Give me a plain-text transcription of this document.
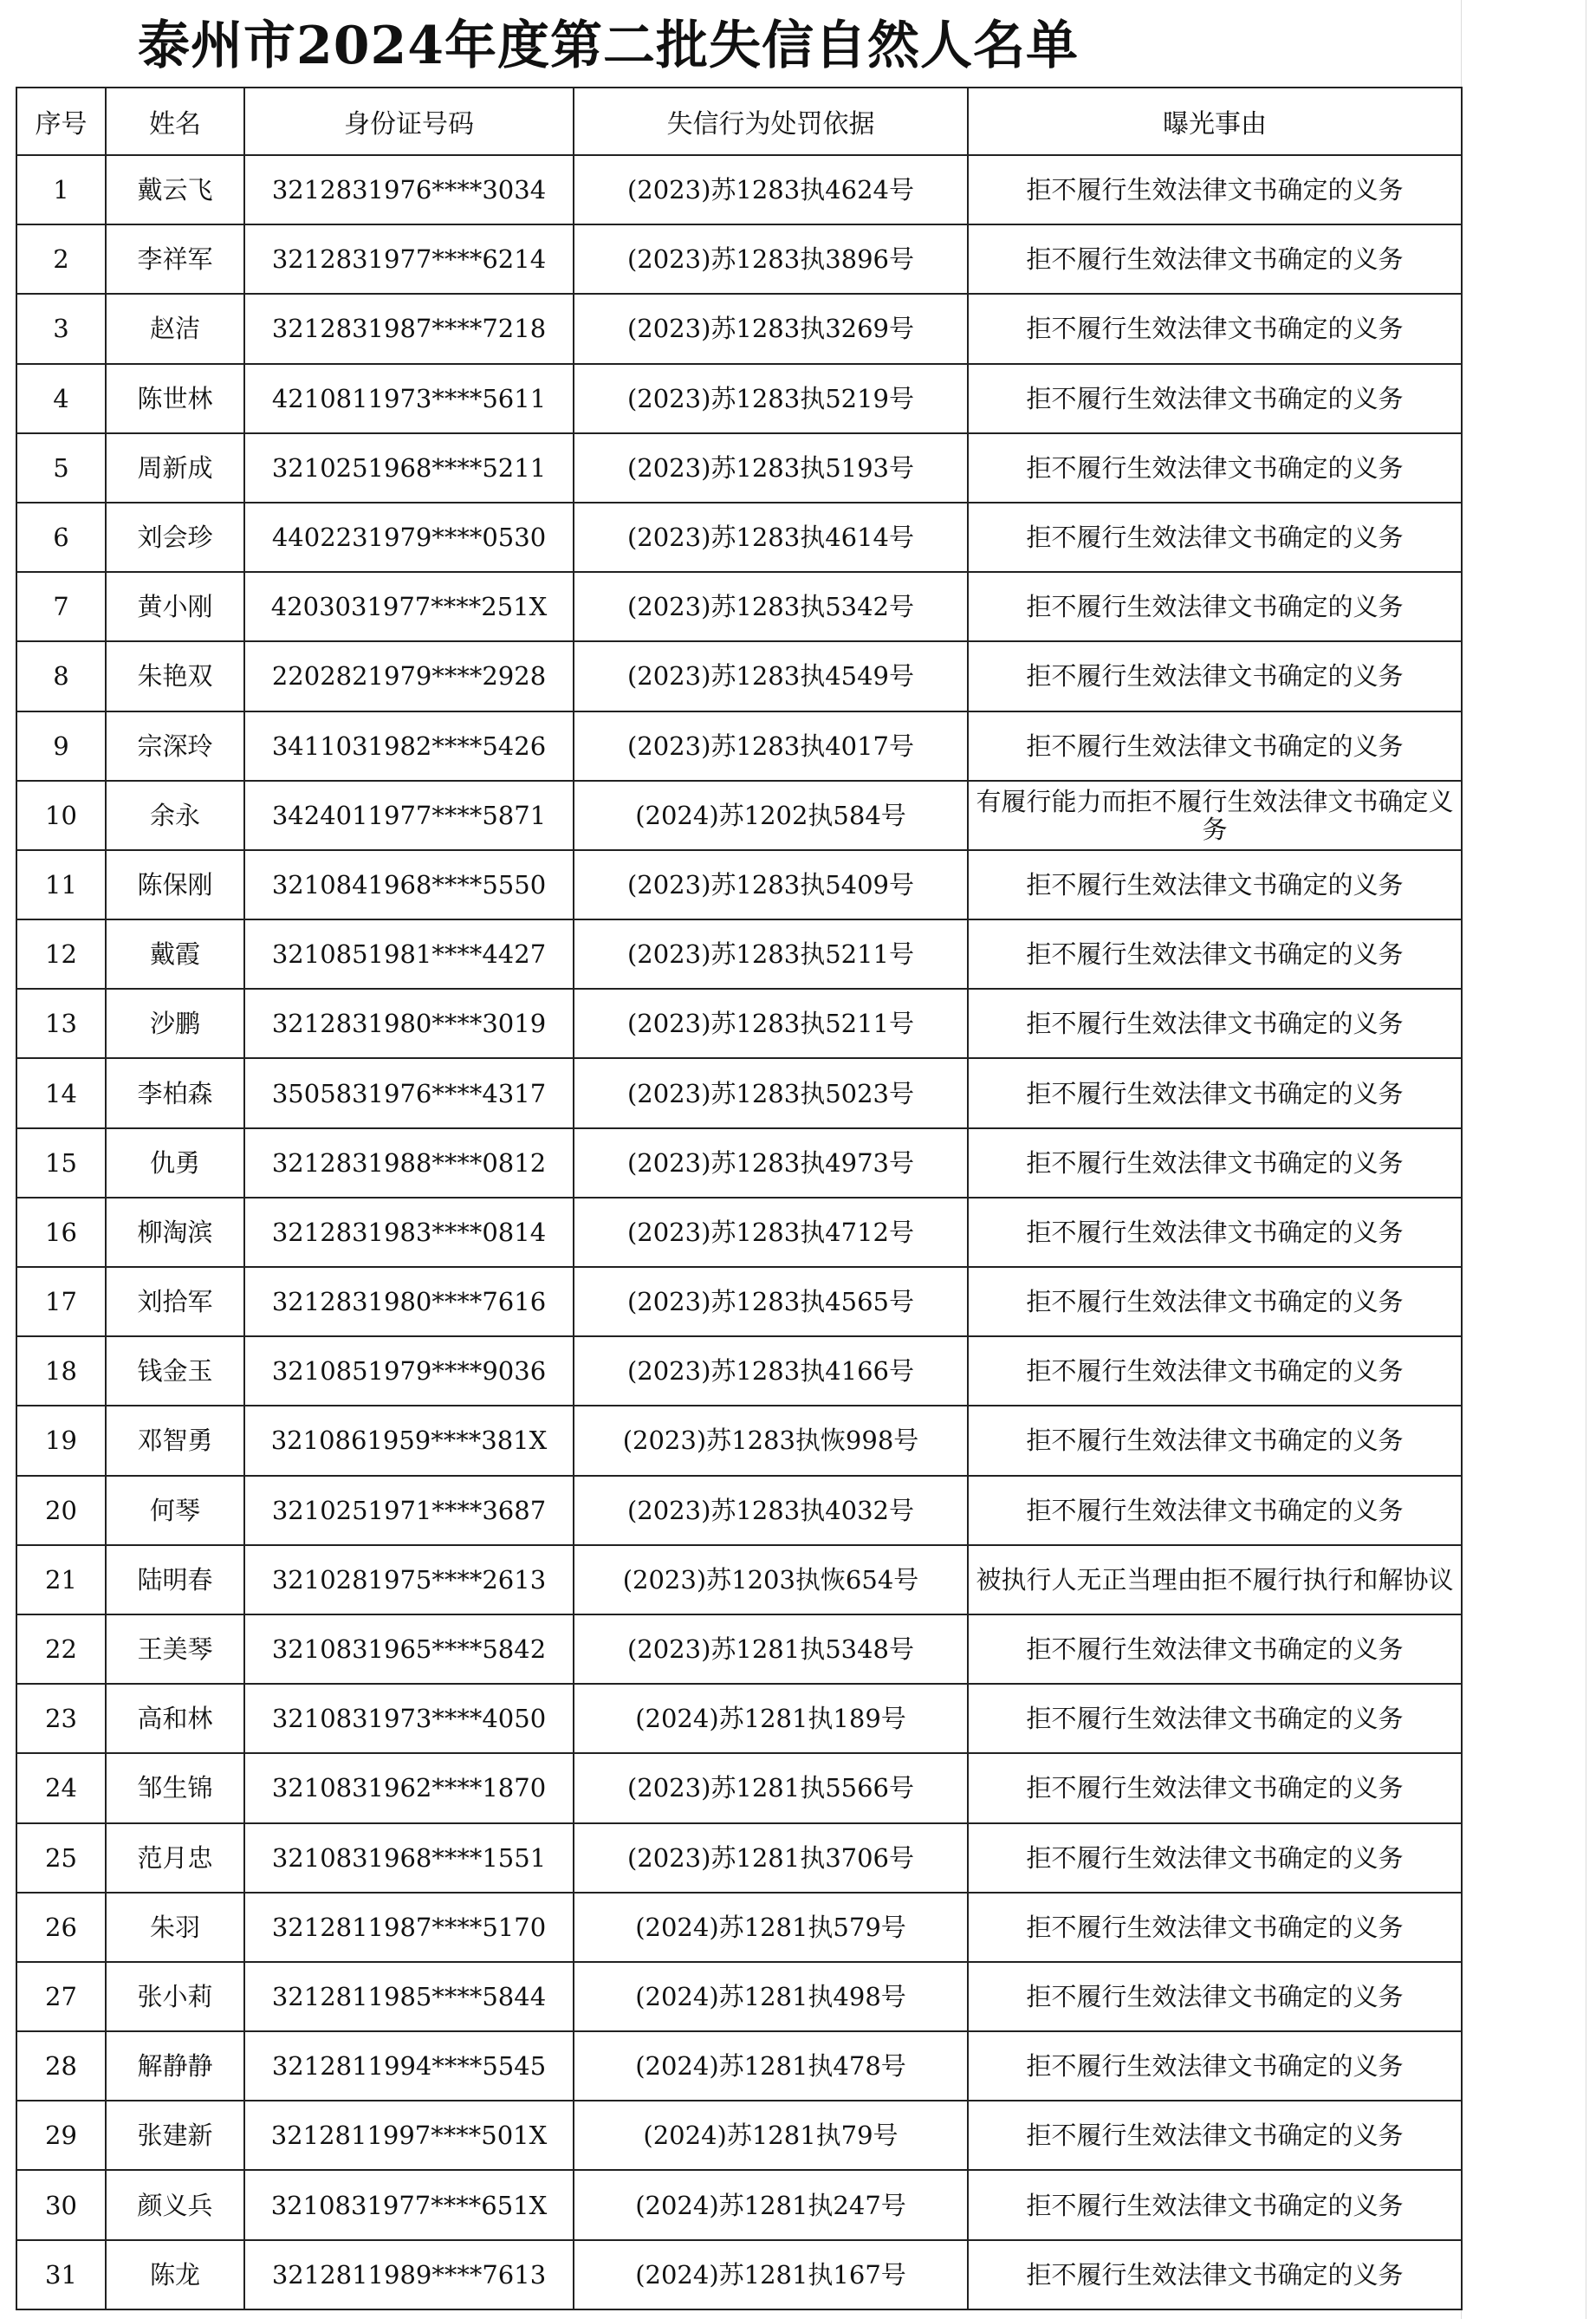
泰州市2024年度第二批失信自然人名单
序号	姓名	身份证号码	失信行为处罚依据	曝光事由
1	戴云飞	3212831976****3034	(2023)苏1283执4624号	拒不履行生效法律文书确定的义务
2	李祥军	3212831977****6214	(2023)苏1283执3896号	拒不履行生效法律文书确定的义务
3	赵洁	3212831987****7218	(2023)苏1283执3269号	拒不履行生效法律文书确定的义务
4	陈世林	4210811973****5611	(2023)苏1283执5219号	拒不履行生效法律文书确定的义务
5	周新成	3210251968****5211	(2023)苏1283执5193号	拒不履行生效法律文书确定的义务
6	刘会珍	4402231979****0530	(2023)苏1283执4614号	拒不履行生效法律文书确定的义务
7	黄小刚	4203031977****251X	(2023)苏1283执5342号	拒不履行生效法律文书确定的义务
8	朱艳双	2202821979****2928	(2023)苏1283执4549号	拒不履行生效法律文书确定的义务
9	宗深玲	3411031982****5426	(2023)苏1283执4017号	拒不履行生效法律文书确定的义务
10	余永	3424011977****5871	(2024)苏1202执584号	有履行能力而拒不履行生效法律文书确定义务
11	陈保刚	3210841968****5550	(2023)苏1283执5409号	拒不履行生效法律文书确定的义务
12	戴霞	3210851981****4427	(2023)苏1283执5211号	拒不履行生效法律文书确定的义务
13	沙鹏	3212831980****3019	(2023)苏1283执5211号	拒不履行生效法律文书确定的义务
14	李柏森	3505831976****4317	(2023)苏1283执5023号	拒不履行生效法律文书确定的义务
15	仇勇	3212831988****0812	(2023)苏1283执4973号	拒不履行生效法律文书确定的义务
16	柳淘滨	3212831983****0814	(2023)苏1283执4712号	拒不履行生效法律文书确定的义务
17	刘拾军	3212831980****7616	(2023)苏1283执4565号	拒不履行生效法律文书确定的义务
18	钱金玉	3210851979****9036	(2023)苏1283执4166号	拒不履行生效法律文书确定的义务
19	邓智勇	3210861959****381X	(2023)苏1283执恢998号	拒不履行生效法律文书确定的义务
20	何琴	3210251971****3687	(2023)苏1283执4032号	拒不履行生效法律文书确定的义务
21	陆明春	3210281975****2613	(2023)苏1203执恢654号	被执行人无正当理由拒不履行执行和解协议
22	王美琴	3210831965****5842	(2023)苏1281执5348号	拒不履行生效法律文书确定的义务
23	高和林	3210831973****4050	(2024)苏1281执189号	拒不履行生效法律文书确定的义务
24	邹生锦	3210831962****1870	(2023)苏1281执5566号	拒不履行生效法律文书确定的义务
25	范月忠	3210831968****1551	(2023)苏1281执3706号	拒不履行生效法律文书确定的义务
26	朱羽	3212811987****5170	(2024)苏1281执579号	拒不履行生效法律文书确定的义务
27	张小莉	3212811985****5844	(2024)苏1281执498号	拒不履行生效法律文书确定的义务
28	解静静	3212811994****5545	(2024)苏1281执478号	拒不履行生效法律文书确定的义务
29	张建新	3212811997****501X	(2024)苏1281执79号	拒不履行生效法律文书确定的义务
30	颜义兵	3210831977****651X	(2024)苏1281执247号	拒不履行生效法律文书确定的义务
31	陈龙	3212811989****7613	(2024)苏1281执167号	拒不履行生效法律文书确定的义务
